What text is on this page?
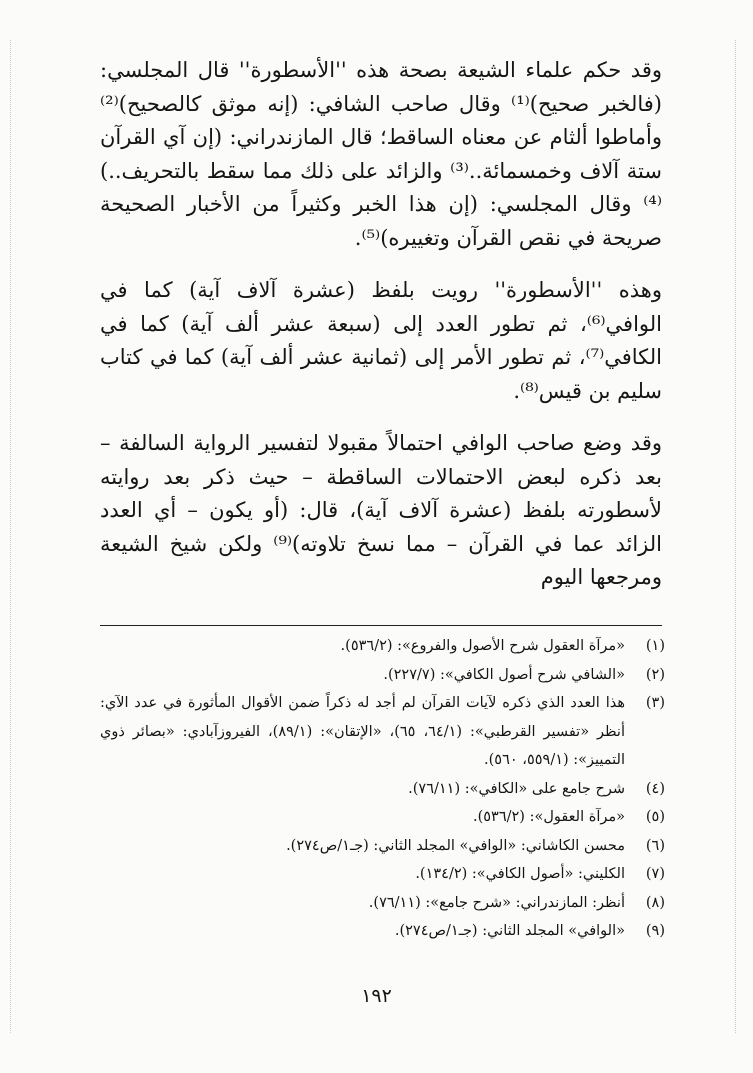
وقد حكم علماء الشيعة بصحة هذه ''الأسطورة'' قال المجلسي: (فالخبر صحيح)⁽¹⁾ وقال صاحب الشافي: (إنه موثق كالصحيح)⁽²⁾ وأماطوا ألثام عن معناه الساقط؛ قال المازندراني: (إن آي القرآن ستة آلاف وخمسمائة..⁽³⁾ والزائد على ذلك مما سقط بالتحريف..)⁽⁴⁾ وقال المجلسي: (إن هذا الخبر وكثيراً من الأخبار الصحيحة صريحة في نقص القرآن وتغييره)⁽⁵⁾.

وهذه ''الأسطورة'' رويت بلفظ (عشرة آلاف آية) كما في الوافي⁽⁶⁾، ثم تطور العدد إلى (سبعة عشر ألف آية) كما في الكافي⁽⁷⁾، ثم تطور الأمر إلى (ثمانية عشر ألف آية) كما في كتاب سليم بن قيس⁽⁸⁾.

وقد وضع صاحب الوافي احتمالاً مقبولا لتفسير الرواية السالفة – بعد ذكره لبعض الاحتمالات الساقطة – حيث ذكر بعد روايته لأسطورته بلفظ (عشرة آلاف آية)، قال: (أو يكون – أي العدد الزائد عما في القرآن – مما نسخ تلاوته)⁽⁹⁾ ولكن شيخ الشيعة ومرجعها اليوم

(١)
«مرآة العقول شرح الأصول والفروع»: (٥٣٦/٢).
(٢)
«الشافي شرح أصول الكافي»: (٢٢٧/٧).
(٣)
هذا العدد الذي ذكره لآيات القرآن لم أجد له ذكراً ضمن الأقوال المأثورة في عدد الآي: أنظر «تفسير القرطبي»: (٦٤/١، ٦٥)، «الإتقان»: (٨٩/١)، الفيروزآبادي: «بصائر ذوي التمييز»: (٥٥٩/١، ٥٦٠).
(٤)
شرح جامع على «الكافي»: (٧٦/١١).
(٥)
«مرآة العقول»: (٥٣٦/٢).
(٦)
محسن الكاشاني: «الوافي» المجلد الثاني: (جـ١/ص٢٧٤).
(٧)
الكليني: «أصول الكافي»: (١٣٤/٢).
(٨)
أنظر: المازندراني: «شرح جامع»: (٧٦/١١).
(٩)
«الوافي» المجلد الثاني: (جـ١/ص٢٧٤).
١٩٢
